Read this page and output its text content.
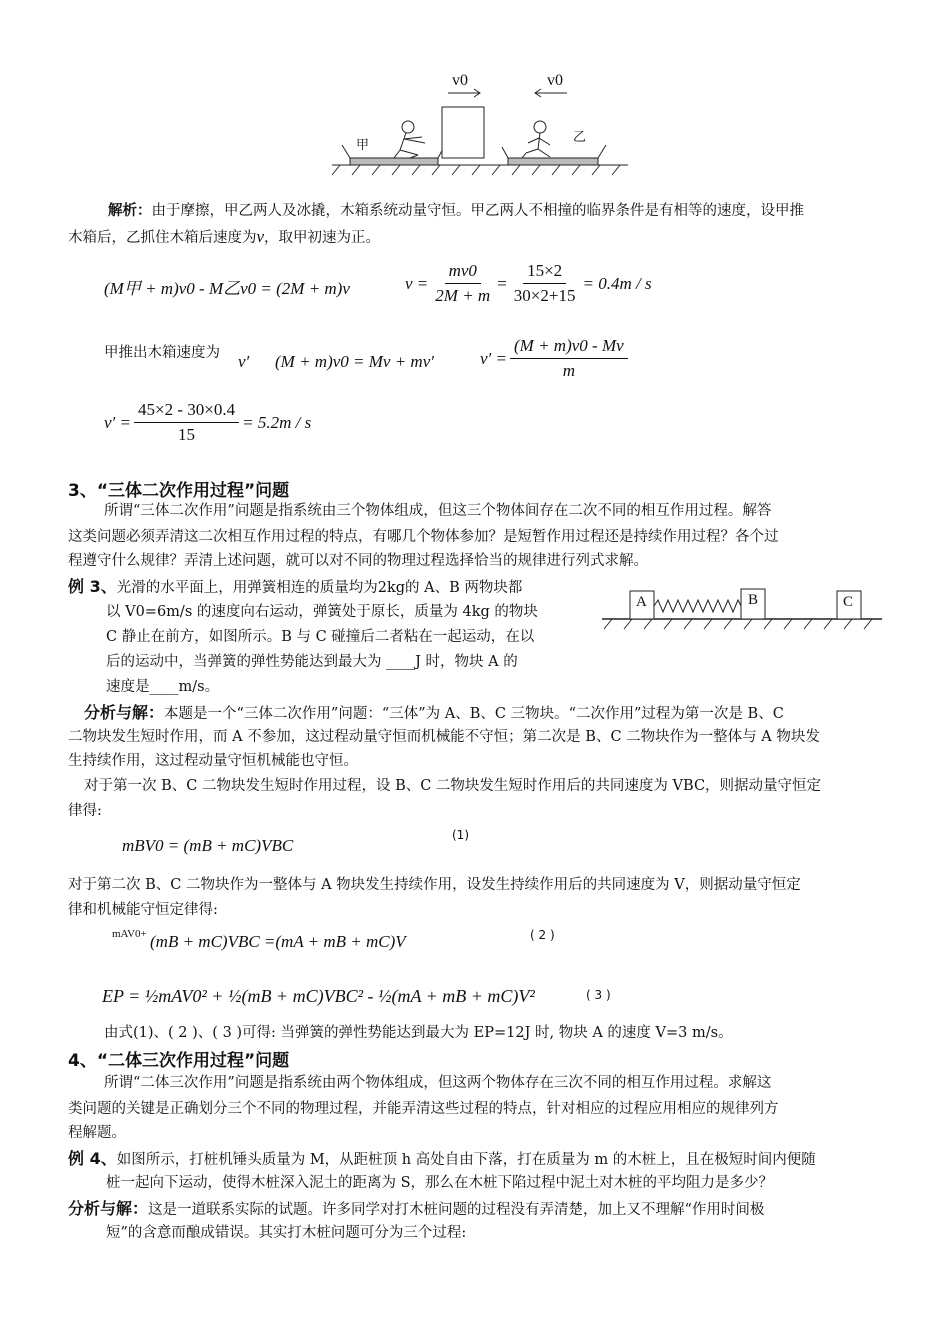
v0	v0
甲
乙
解析：由于摩擦，甲乙两人及冰撬，木箱系统动量守恒。甲乙两人不相撞的临界条件是有相等的速度，设甲推
木箱后，乙抓住木箱后速度为v，取甲初速为正。
(M甲 + m)v0 - M乙v0 = (2M + m)v	$v = \frac{mv0}{2M + m} = \frac{15\times 2}{30\times 2+15} = 0.4m / s$
甲推出木箱速度为 v′ (M + m)v0 = Mv + mv′	$v' = \frac{(M + m)v0 - Mv}{m}$
$v' = \frac{45\times 2 - 30\times 0.4}{15} = 5.2m / s$
3、“三体二次作用过程”问题
所谓“三体二次作用”问题是指系统由三个物体组成，但这三个物体间存在二次不同的相互作用过程。解答
这类问题必须弄清这二次相互作用过程的特点，有哪几个物体参加？是短暂作用过程还是持续作用过程？各个过
程遵守什么规律？弄清上述问题，就可以对不同的物理过程选择恰当的规律进行列式求解。
例 3、光滑的水平面上，用弹簧相连的质量均为2kg的 A、B 两物块都
以 V0=6m/s 的速度向右运动，弹簧处于原长，质量为 4kg 的物块
C 静止在前方，如图所示。B 与 C 碰撞后二者粘在一起运动，在以
后的运动中，当弹簧的弹性势能达到最大为 ____J 时，物块 A 的
速度是____m/s。
A	B	C
分析与解：本题是一个“三体二次作用”问题：“三体”为 A、B、C 三物块。“二次作用”过程为第一次是 B、C
二物块发生短时作用，而 A 不参加，这过程动量守恒而机械能不守恒；第二次是 B、C 二物块作为一整体与 A 物块发
生持续作用，这过程动量守恒机械能也守恒。
对于第一次 B、C 二物块发生短时作用过程，设 B、C 二物块发生短时作用后的共同速度为 VBC，则据动量守恒定
律得:
mBV0 = (mB + mC)VBC
(1)
对于第二次 B、C 二物块作为一整体与 A 物块发生持续作用，设发生持续作用后的共同速度为 V，则据动量守恒定
律和机械能守恒定律得:
mAV0+ (mB + mC)VBC =(mA + mB + mC)V	( 2 )
EP = ½mAV0² + ½(mB + mC)VBC² - ½(mA + mB + mC)V²	( 3 )
由式(1)、( 2 )、( 3 )可得: 当弹簧的弹性势能达到最大为 EP=12J 时, 物块 A 的速度 V=3 m/s。
4、“二体三次作用过程”问题
所谓“二体三次作用”问题是指系统由两个物体组成，但这两个物体存在三次不同的相互作用过程。求解这
类问题的关键是正确划分三个不同的物理过程，并能弄清这些过程的特点，针对相应的过程应用相应的规律列方
程解题。
例 4、如图所示，打桩机锤头质量为 M，从距桩顶 h 高处自由下落，打在质量为 m 的木桩上，且在极短时间内便随
桩一起向下运动，使得木桩深入泥土的距离为 S，那么在木桩下陷过程中泥土对木桩的平均阻力是多少？
分析与解：这是一道联系实际的试题。许多同学对打木桩问题的过程没有弄清楚，加上又不理解“作用时间极
短”的含意而酿成错误。其实打木桩问题可分为三个过程:
